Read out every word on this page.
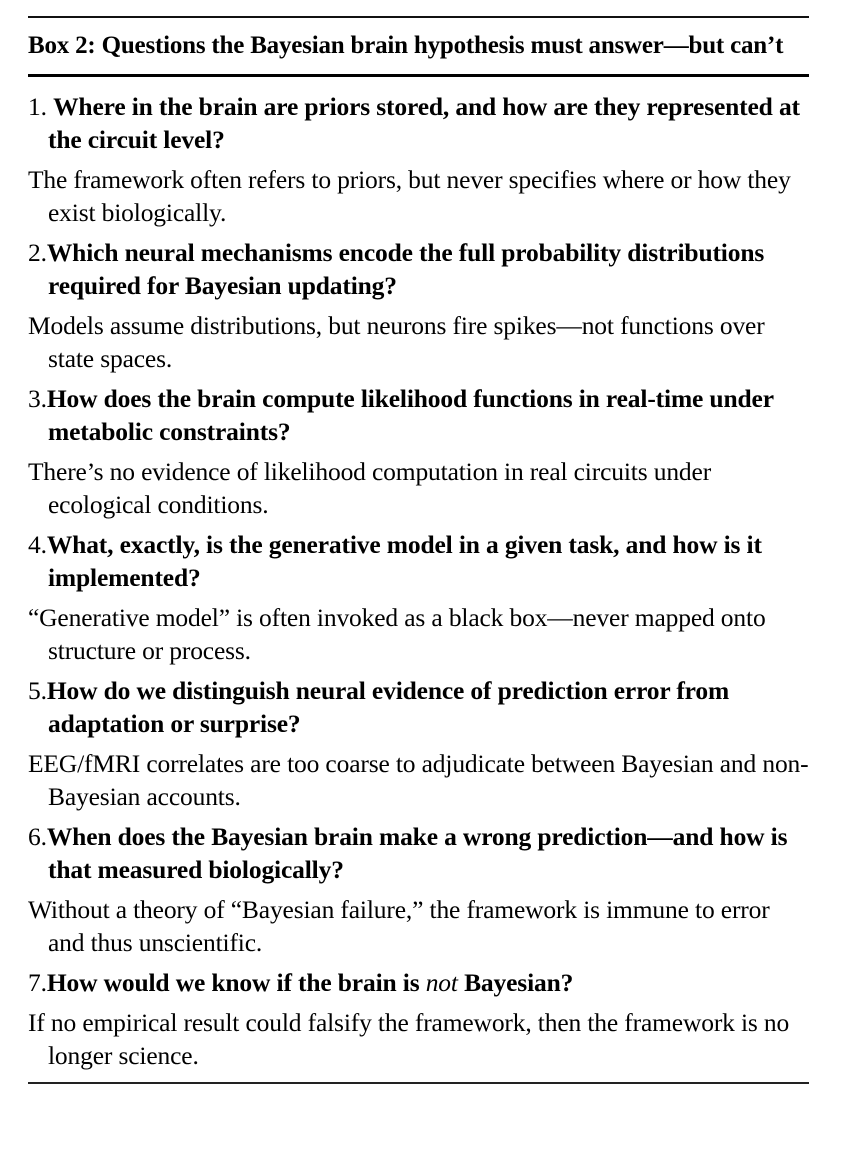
Box 2: Questions the Bayesian brain hypothesis must answer—but can’t
1. Where in the brain are priors stored, and how are they represented at the circuit level?
The framework often refers to priors, but never specifies where or how they exist biologically.
2.Which neural mechanisms encode the full probability distributions required for Bayesian updating?
Models assume distributions, but neurons fire spikes—not functions over state spaces.
3.How does the brain compute likelihood functions in real-time under metabolic constraints?
There’s no evidence of likelihood computation in real circuits under ecological conditions.
4.What, exactly, is the generative model in a given task, and how is it implemented?
“Generative model” is often invoked as a black box—never mapped onto structure or process.
5.How do we distinguish neural evidence of prediction error from adaptation or surprise?
EEG/fMRI correlates are too coarse to adjudicate between Bayesian and non-Bayesian accounts.
6.When does the Bayesian brain make a wrong prediction—and how is that measured biologically?
Without a theory of “Bayesian failure,” the framework is immune to error and thus unscientific.
7.How would we know if the brain is not Bayesian?
If no empirical result could falsify the framework, then the framework is no longer science.
